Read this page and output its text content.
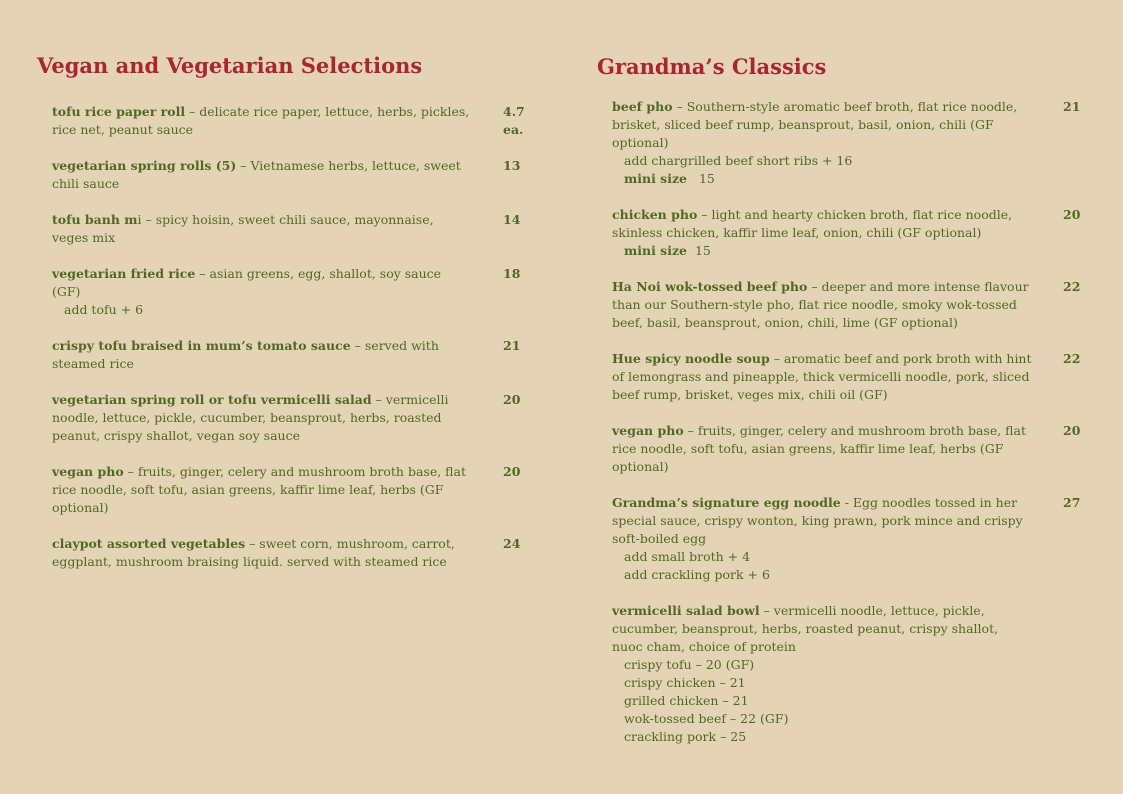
Vegan and Vegetarian Selections
tofu rice paper roll – delicate rice paper, lettuce, herbs, pickles, rice net, peanut sauce
4.7 ea.
vegetarian spring rolls (5) – Vietnamese herbs, lettuce, sweet chili sauce
13
tofu banh mi – spicy hoisin, sweet chili sauce, mayonnaise, veges mix
14
vegetarian fried rice – asian greens, egg, shallot, soy sauce (GF)
add tofu + 6
18
crispy tofu braised in mum’s tomato sauce – served with steamed rice
21
vegetarian spring roll or tofu vermicelli salad – vermicelli noodle, lettuce, pickle, cucumber, beansprout, herbs, roasted peanut, crispy shallot, vegan soy sauce
20
vegan pho – fruits, ginger, celery and mushroom broth base, flat rice noodle, soft tofu, asian greens, kaffir lime leaf, herbs (GF optional)
20
claypot assorted vegetables – sweet corn, mushroom, carrot, eggplant, mushroom braising liquid. served with steamed rice
24
Grandma’s Classics
beef pho – Southern-style aromatic beef broth, flat rice noodle, brisket, sliced beef rump, beansprout, basil, onion, chili (GF optional)
add chargrilled beef short ribs + 16
mini size 15
21
chicken pho – light and hearty chicken broth, flat rice noodle, skinless chicken, kaffir lime leaf, onion, chili (GF optional)
mini size 15
20
Ha Noi wok-tossed beef pho – deeper and more intense flavour than our Southern-style pho, flat rice noodle, smoky wok-tossed beef, basil, beansprout, onion, chili, lime (GF optional)
22
Hue spicy noodle soup – aromatic beef and pork broth with hint of lemongrass and pineapple, thick vermicelli noodle, pork, sliced beef rump, brisket, veges mix, chili oil (GF)
22
vegan pho – fruits, ginger, celery and mushroom broth base, flat rice noodle, soft tofu, asian greens, kaffir lime leaf, herbs (GF optional)
20
Grandma’s signature egg noodle - Egg noodles tossed in her special sauce, crispy wonton, king prawn, pork mince and crispy soft-boiled egg
add small broth + 4
add crackling pork + 6
27
vermicelli salad bowl – vermicelli noodle, lettuce, pickle, cucumber, beansprout, herbs, roasted peanut, crispy shallot, nuoc cham, choice of protein
crispy tofu – 20 (GF)
crispy chicken – 21
grilled chicken – 21
wok-tossed beef – 22 (GF)
crackling pork – 25
